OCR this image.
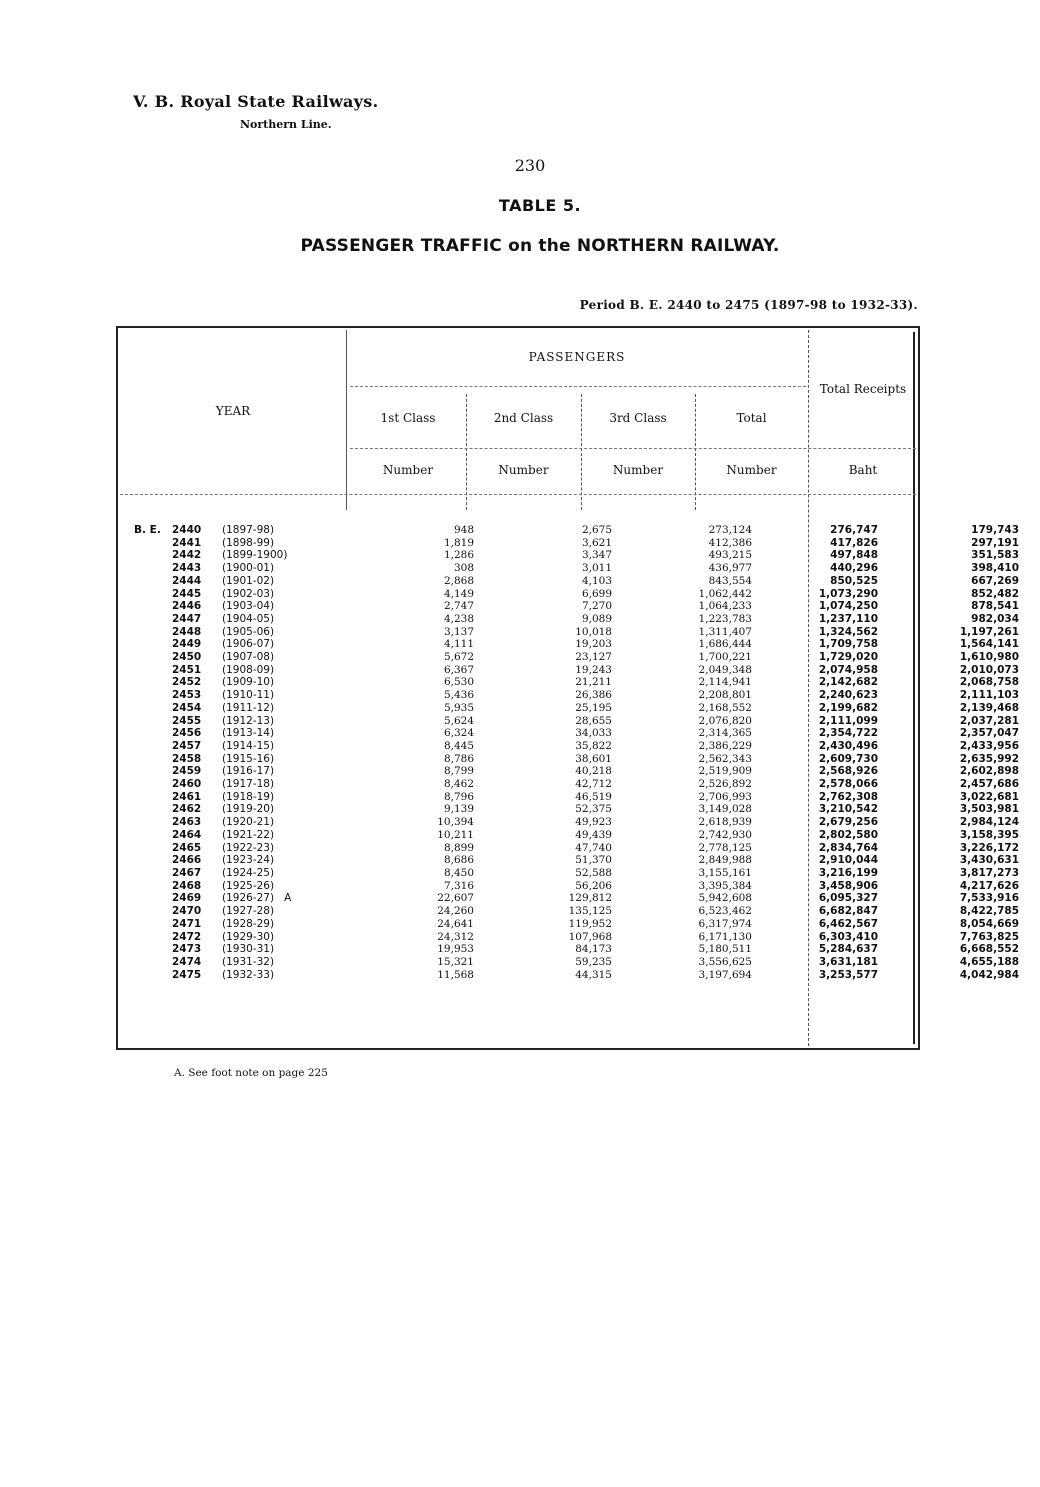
V. B. Royal State Railways.
Northern Line.
230
TABLE 5.
PASSENGER TRAFFIC on the NORTHERN RAILWAY.
Period B. E. 2440 to 2475 (1897-98 to 1932-33).
PASSENGERS
YEAR	1st Class	2nd Class	3rd Class	Total
Total Receipts
Number	Number	Number	Number	Baht
B. E.	2440	(1897-98)	948	2,675	273,124	276,747	179,743
	2441	(1898-99)	1,819	3,621	412,386	417,826	297,191
	2442	(1899-1900)	1,286	3,347	493,215	497,848	351,583
	2443	(1900-01)	308	3,011	436,977	440,296	398,410
	2444	(1901-02)	2,868	4,103	843,554	850,525	667,269
	2445	(1902-03)	4,149	6,699	1,062,442	1,073,290	852,482
	2446	(1903-04)	2,747	7,270	1,064,233	1,074,250	878,541
	2447	(1904-05)	4,238	9,089	1,223,783	1,237,110	982,034
	2448	(1905-06)	3,137	10,018	1,311,407	1,324,562	1,197,261
	2449	(1906-07)	4,111	19,203	1,686,444	1,709,758	1,564,141
	2450	(1907-08)	5,672	23,127	1,700,221	1,729,020	1,610,980
	2451	(1908-09)	6,367	19,243	2,049,348	2,074,958	2,010,073
	2452	(1909-10)	6,530	21,211	2,114,941	2,142,682	2,068,758
	2453	(1910-11)	5,436	26,386	2,208,801	2,240,623	2,111,103
	2454	(1911-12)	5,935	25,195	2,168,552	2,199,682	2,139,468
	2455	(1912-13)	5,624	28,655	2,076,820	2,111,099	2,037,281
	2456	(1913-14)	6,324	34,033	2,314,365	2,354,722	2,357,047
	2457	(1914-15)	8,445	35,822	2,386,229	2,430,496	2,433,956
	2458	(1915-16)	8,786	38,601	2,562,343	2,609,730	2,635,992
	2459	(1916-17)	8,799	40,218	2,519,909	2,568,926	2,602,898
	2460	(1917-18)	8,462	42,712	2,526,892	2,578,066	2,457,686
	2461	(1918-19)	8,796	46,519	2,706,993	2,762,308	3,022,681
	2462	(1919-20)	9,139	52,375	3,149,028	3,210,542	3,503,981
	2463	(1920-21)	10,394	49,923	2,618,939	2,679,256	2,984,124
	2464	(1921-22)	10,211	49,439	2,742,930	2,802,580	3,158,395
	2465	(1922-23)	8,899	47,740	2,778,125	2,834,764	3,226,172
	2466	(1923-24)	8,686	51,370	2,849,988	2,910,044	3,430,631
	2467	(1924-25)	8,450	52,588	3,155,161	3,216,199	3,817,273
	2468	(1925-26)	7,316	56,206	3,395,384	3,458,906	4,217,626
	2469	(1926-27)   A	22,607	129,812	5,942,608	6,095,327	7,533,916
	2470	(1927-28)	24,260	135,125	6,523,462	6,682,847	8,422,785
	2471	(1928-29)	24,641	119,952	6,317,974	6,462,567	8,054,669
	2472	(1929-30)	24,312	107,968	6,171,130	6,303,410	7,763,825
	2473	(1930-31)	19,953	84,173	5,180,511	5,284,637	6,668,552
	2474	(1931-32)	15,321	59,235	3,556,625	3,631,181	4,655,188
	2475	(1932-33)	11,568	44,315	3,197,694	3,253,577	4,042,984
A. See foot note on page 225
